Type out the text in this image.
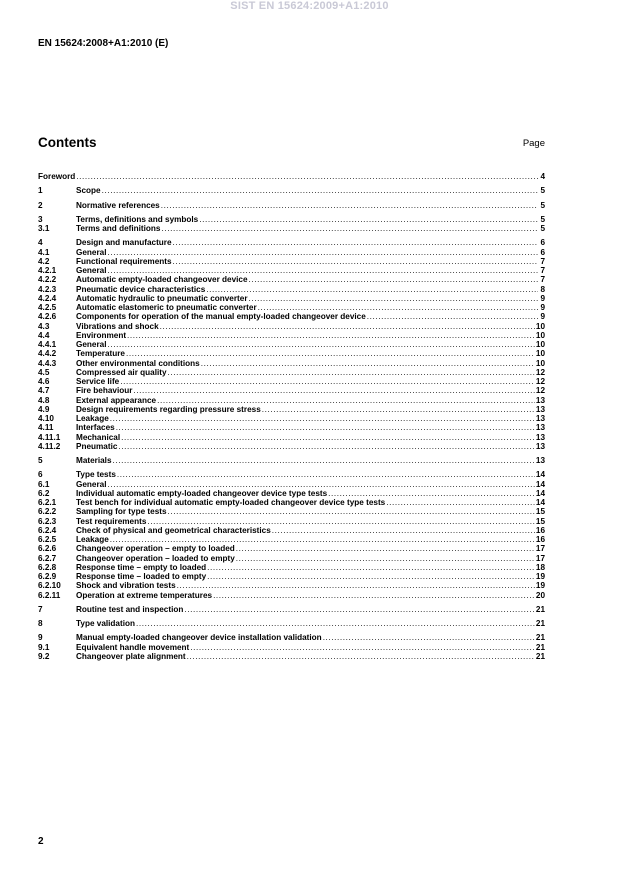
SIST EN 15624:2009+A1:2010
EN 15624:2008+A1:2010 (E)
Contents	Page
Foreword .....	4
1	Scope .....	5
2	Normative references .....	5
3	Terms, definitions and symbols .....	5
3.1	Terms and definitions .....	5
4	Design and manufacture .....	6
4.1	General .....	6
4.2	Functional requirements .....	7
4.2.1	General .....	7
4.2.2	Automatic empty-loaded changeover device .....	7
4.2.3	Pneumatic device characteristics .....	8
4.2.4	Automatic hydraulic to pneumatic converter .....	9
4.2.5	Automatic elastomeric to pneumatic converter .....	9
4.2.6	Components for operation of the manual empty-loaded changeover device .....	9
4.3	Vibrations and shock .....	10
4.4	Environment .....	10
4.4.1	General .....	10
4.4.2	Temperature .....	10
4.4.3	Other environmental conditions .....	10
4.5	Compressed air quality .....	12
4.6	Service life .....	12
4.7	Fire behaviour .....	12
4.8	External appearance .....	13
4.9	Design requirements regarding pressure stress .....	13
4.10	Leakage .....	13
4.11	Interfaces .....	13
4.11.1	Mechanical .....	13
4.11.2	Pneumatic .....	13
5	Materials .....	13
6	Type tests .....	14
6.1	General .....	14
6.2	Individual automatic empty-loaded changeover device type tests .....	14
6.2.1	Test bench for individual automatic empty-loaded changeover device type tests .....	14
6.2.2	Sampling for type tests .....	15
6.2.3	Test requirements .....	15
6.2.4	Check of physical and geometrical characteristics .....	16
6.2.5	Leakage .....	16
6.2.6	Changeover operation – empty to loaded .....	17
6.2.7	Changeover operation – loaded to empty .....	17
6.2.8	Response time – empty to loaded .....	18
6.2.9	Response time – loaded to empty .....	19
6.2.10	Shock and vibration tests .....	19
6.2.11	Operation at extreme temperatures .....	20
7	Routine test and inspection .....	21
8	Type validation .....	21
9	Manual empty-loaded changeover device installation validation .....	21
9.1	Equivalent handle movement .....	21
9.2	Changeover plate alignment .....	21
2
